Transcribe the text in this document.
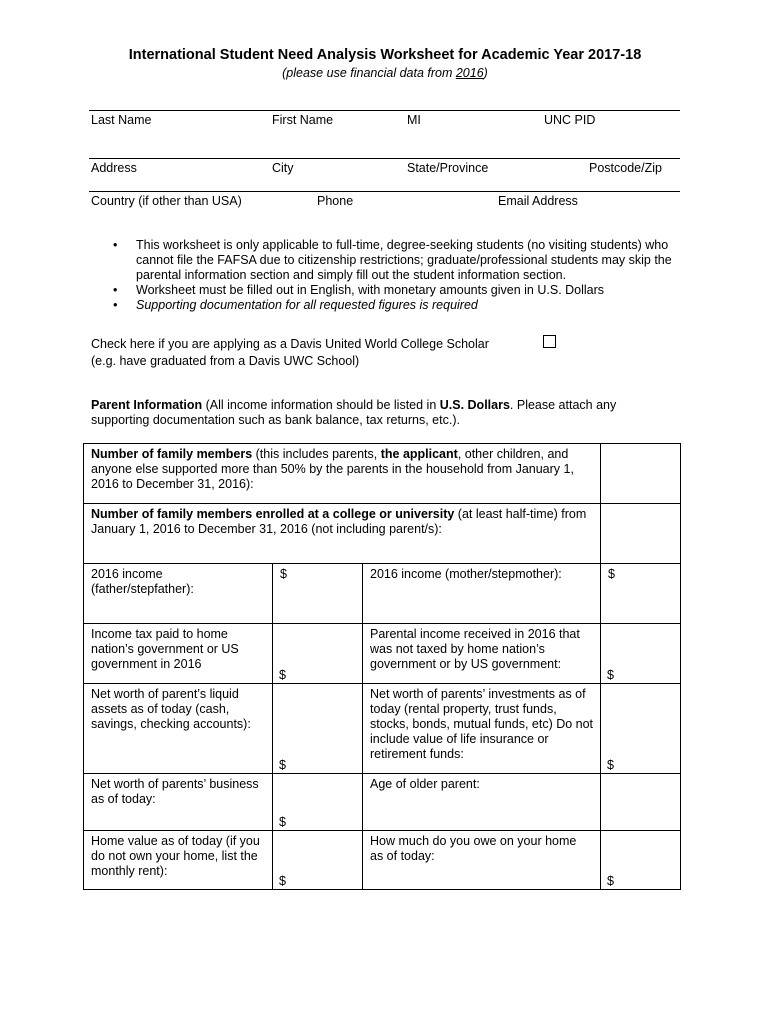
International Student Need Analysis Worksheet for Academic Year 2017-18
(please use financial data from 2016)
Last Name	First Name	MI	UNC PID
Address	City	State/Province	Postcode/Zip
Country (if other than USA)	Phone	Email Address
• This worksheet is only applicable to full-time, degree-seeking students (no visiting students) who cannot file the FAFSA due to citizenship restrictions; graduate/professional students may skip the parental information section and simply fill out the student information section.
• Worksheet must be filled out in English, with monetary amounts given in U.S. Dollars
• Supporting documentation for all requested figures is required
Check here if you are applying as a Davis United World College Scholar
(e.g. have graduated from a Davis UWC School)
Parent Information (All income information should be listed in U.S. Dollars. Please attach any supporting documentation such as bank balance, tax returns, etc.).
Number of family members (this includes parents, the applicant, other children, and anyone else supported more than 50% by the parents in the household from January 1, 2016 to December 31, 2016):			
Number of family members enrolled at a college or university (at least half-time) from January 1, 2016 to December 31, 2016 (not including parent/s):			
2016 income (father/stepfather):	$	2016 income (mother/stepmother):	$

Income tax paid to home nation’s government or US government in 2016	$	Parental income received in 2016 that was not taxed by home nation’s government or by US government:	$

Net worth of parent’s liquid assets as of today (cash, savings, checking accounts):	$	Net worth of parents’ investments as of today (rental property, trust funds, stocks, bonds, mutual funds, etc) Do not include value of life insurance or retirement funds:	$

Net worth of parents’ business as of today:	$	Age of older parent:	
Home value as of today (if you do not own your home, list the monthly rent):	$	How much do you owe on your home as of today:	$
